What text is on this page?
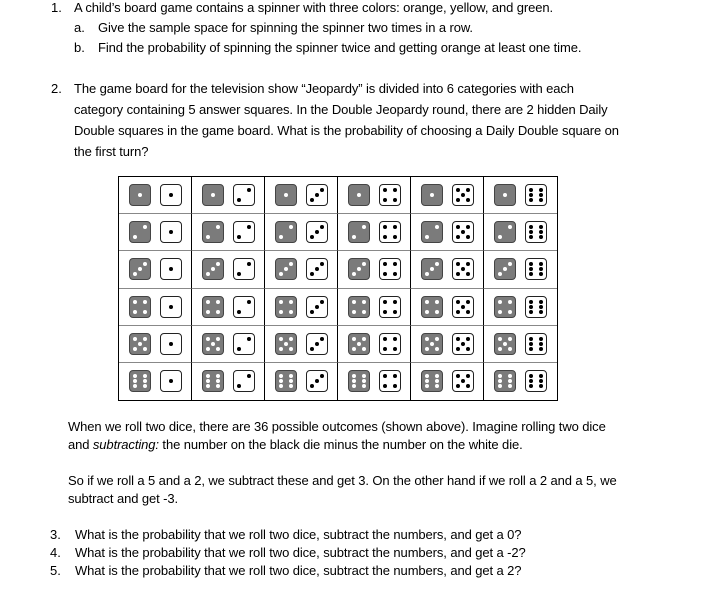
1. A child’s board game contains a spinner with three colors: orange, yellow, and green.
a. Give the sample space for spinning the spinner two times in a row.
b. Find the probability of spinning the spinner twice and getting orange at least one time.
2. The game board for the television show “Jeopardy” is divided into 6 categories with each
category containing 5 answer squares. In the Double Jeopardy round, there are 2 hidden Daily
Double squares in the game board. What is the probability of choosing a Daily Double square on
the first turn?
When we roll two dice, there are 36 possible outcomes (shown above). Imagine rolling two dice
and subtracting: the number on the black die minus the number on the white die.
So if we roll a 5 and a 2, we subtract these and get 3. On the other hand if we roll a 2 and a 5, we
subtract and get -3.
3. What is the probability that we roll two dice, subtract the numbers, and get a 0?
4. What is the probability that we roll two dice, subtract the numbers, and get a -2?
5. What is the probability that we roll two dice, subtract the numbers, and get a 2?
